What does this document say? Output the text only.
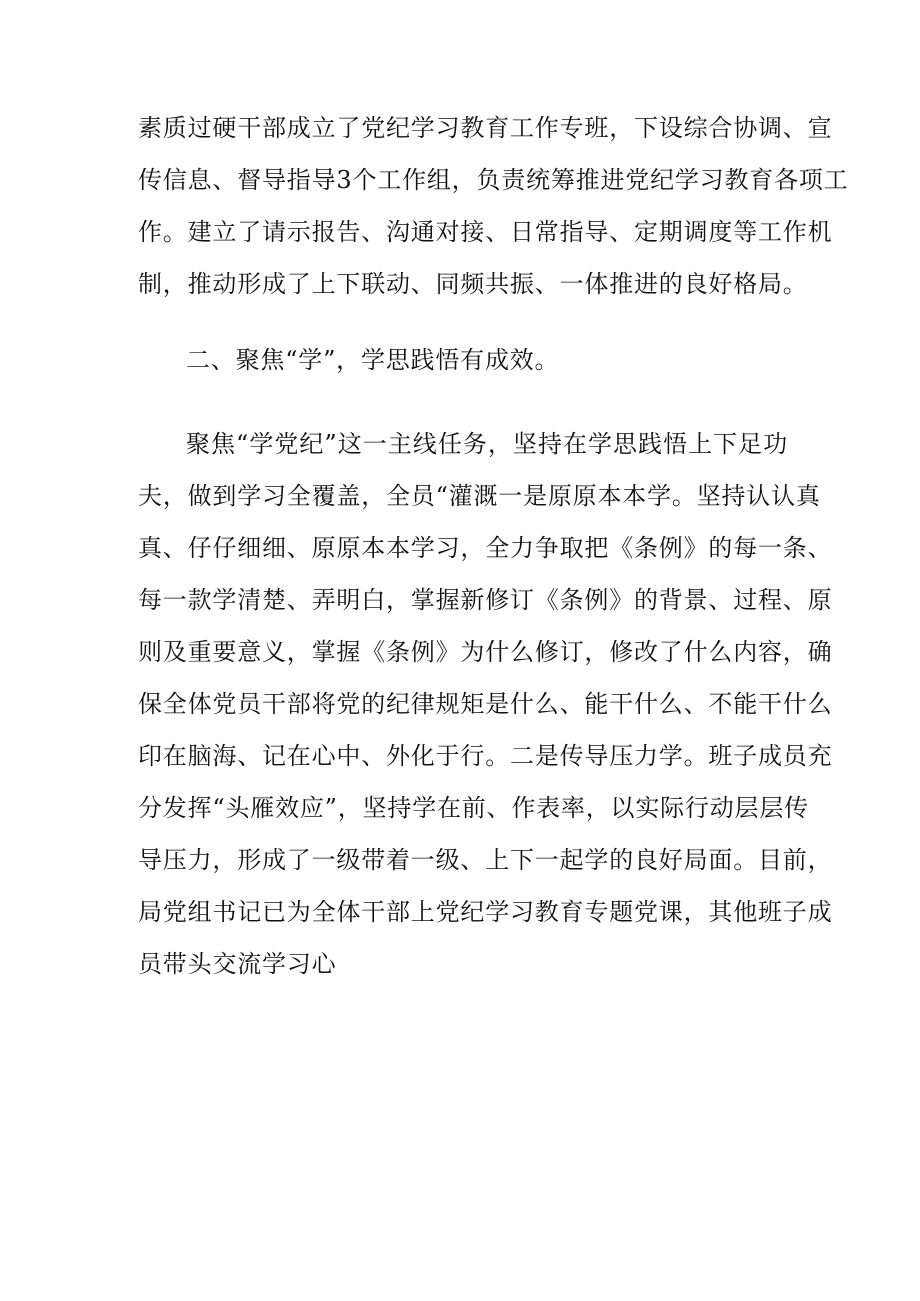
素质过硬干部成立了党纪学习教育工作专班，下设综合协调、宣
传信息、督导指导3个工作组，负责统筹推进党纪学习教育各项工
作。建立了请示报告、沟通对接、日常指导、定期调度等工作机
制，推动形成了上下联动、同频共振、一体推进的良好格局。
二、聚焦“学”，学思践悟有成效。
聚焦“学党纪”这一主线任务，坚持在学思践悟上下足功
夫，做到学习全覆盖，全员“灌溉一是原原本本学。坚持认认真
真、仔仔细细、原原本本学习，全力争取把《条例》的每一条、
每一款学清楚、弄明白，掌握新修订《条例》的背景、过程、原
则及重要意义，掌握《条例》为什么修订，修改了什么内容，确
保全体党员干部将党的纪律规矩是什么、能干什么、不能干什么
印在脑海、记在心中、外化于行。二是传导压力学。班子成员充
分发挥“头雁效应”，坚持学在前、作表率，以实际行动层层传
导压力，形成了一级带着一级、上下一起学的良好局面。目前，
局党组书记已为全体干部上党纪学习教育专题党课，其他班子成
员带头交流学习心
